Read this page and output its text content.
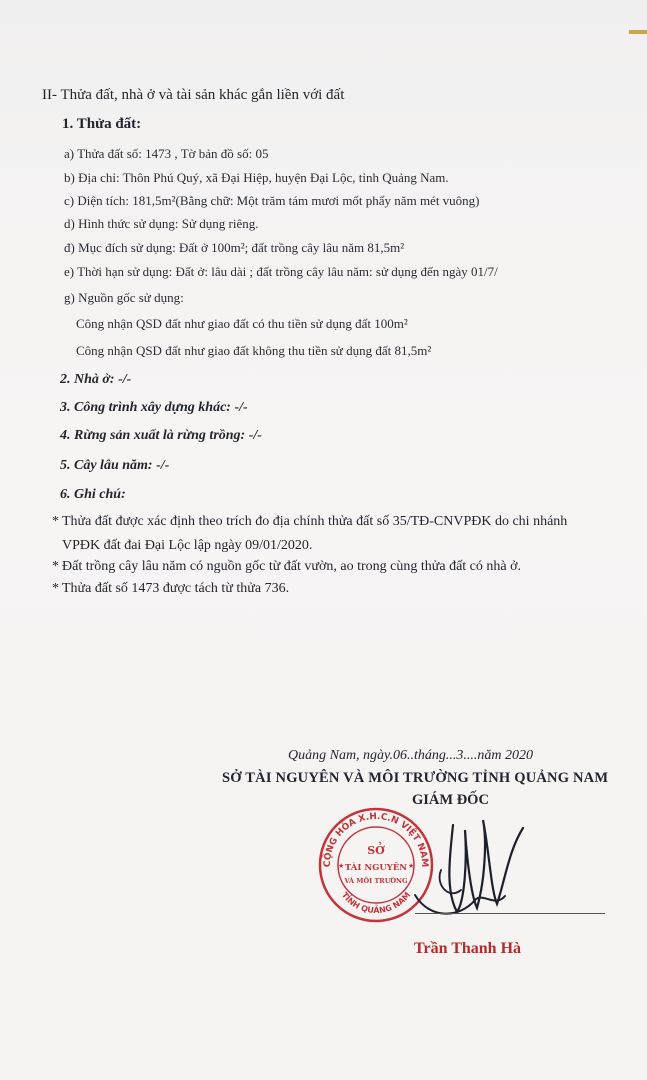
II- Thửa đất, nhà ở và tài sản khác gắn liền với đất
1. Thửa đất:
a) Thửa đất số: 1473 , Tờ bản đồ số: 05
b) Địa chỉ: Thôn Phú Quý, xã Đại Hiệp, huyện Đại Lộc, tỉnh Quảng Nam.
c) Diện tích: 181,5m²(Bằng chữ: Một trăm tám mươi mốt phẩy năm mét vuông)
d) Hình thức sử dụng: Sử dụng riêng.
đ) Mục đích sử dụng: Đất ở 100m²; đất trồng cây lâu năm 81,5m²
e) Thời hạn sử dụng: Đất ở: lâu dài ; đất trồng cây lâu năm: sử dụng đến ngày 01/7/
g) Nguồn gốc sử dụng:
Công nhận QSD đất như giao đất có thu tiền sử dụng đất 100m²
Công nhận QSD đất như giao đất không thu tiền sử dụng đất 81,5m²
2. Nhà ở: -/-
3. Công trình xây dựng khác: -/-
4. Rừng sản xuất là rừng trồng: -/-
5. Cây lâu năm: -/-
6. Ghi chú:
* Thửa đất được xác định theo trích đo địa chính thửa đất số 35/TĐ-CNVPĐK do chi nhánh
VPĐK đất đai Đại Lộc lập ngày 09/01/2020.
* Đất trồng cây lâu năm có nguồn gốc từ đất vườn, ao trong cùng thửa đất có nhà ở.
* Thửa đất số 1473 được tách từ thửa 736.
Quảng Nam, ngày.06..tháng...3....năm 2020
SỞ TÀI NGUYÊN VÀ MÔI TRƯỜNG TỈNH QUẢNG NAM
GIÁM ĐỐC
CỘNG HÒA X.H.C.N VIỆT NAM
TỈNH QUẢNG NAM
SỞ
TÀI NGUYÊN
VÀ MÔI TRƯỜNG
★	★
Trần Thanh Hà
